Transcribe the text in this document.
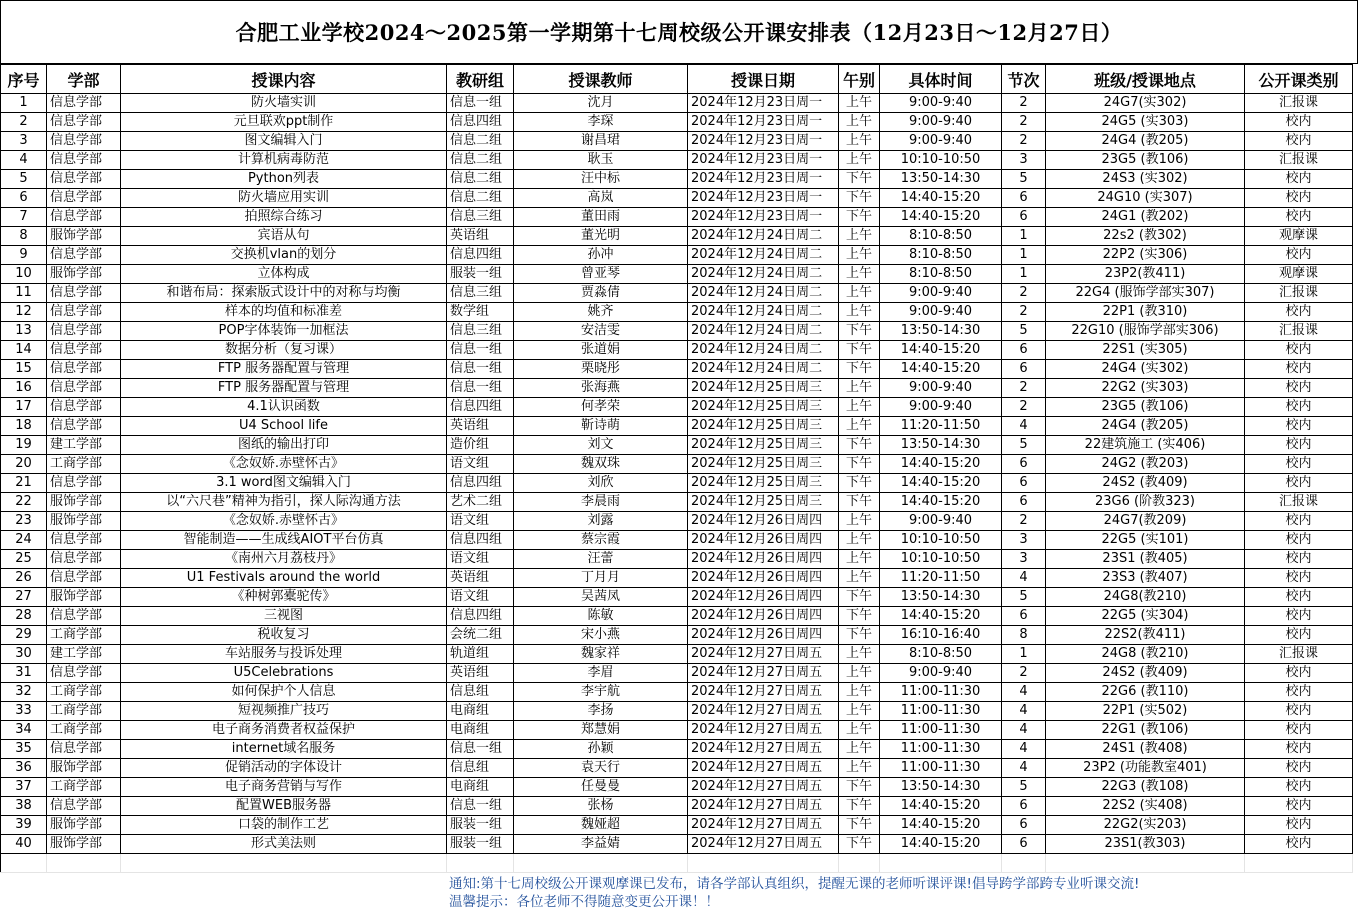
合肥工业学校2024～2025第一学期第十七周校级公开课安排表（12月23日～12月27日）
序号	学部	授课内容	教研组	授课教师	授课日期	午别	具体时间	节次	班级/授课地点	公开课类别
1	信息学部	防火墙实训	信息一组	沈月	2024年12月23日周一	上午	9:00-9:40	2	24G7(实302)	汇报课
2	信息学部	元旦联欢ppt制作	信息四组	李琛	2024年12月23日周一	上午	9:00-9:40	2	24G5 (实303)	校内
3	信息学部	图文编辑入门	信息二组	谢昌珺	2024年12月23日周一	上午	9:00-9:40	2	24G4 (教205)	校内
4	信息学部	计算机病毒防范	信息二组	耿玉	2024年12月23日周一	上午	10:10-10:50	3	23G5 (教106)	汇报课
5	信息学部	Python列表	信息二组	汪中标	2024年12月23日周一	下午	13:50-14:30	5	24S3 (实302)	校内
6	信息学部	防火墙应用实训	信息二组	高岚	2024年12月23日周一	下午	14:40-15:20	6	24G10 (实307)	校内
7	信息学部	拍照综合练习	信息三组	董田雨	2024年12月23日周一	下午	14:40-15:20	6	24G1 (教202)	校内
8	服饰学部	宾语从句	英语组	董光明	2024年12月24日周二	上午	8:10-8:50	1	22s2 (教302)	观摩课
9	信息学部	交换机vlan的划分	信息四组	孙冲	2024年12月24日周二	上午	8:10-8:50	1	22P2 (实306)	校内
10	服饰学部	立体构成	服装一组	曾亚琴	2024年12月24日周二	上午	8:10-8:50	1	23P2(教411)	观摩课
11	信息学部	和谐布局：探索版式设计中的对称与均衡	信息三组	贾淼倩	2024年12月24日周二	上午	9:00-9:40	2	22G4 (服饰学部实307)	汇报课
12	信息学部	样本的均值和标准差	数学组	姚齐	2024年12月24日周二	上午	9:00-9:40	2	22P1 (教310)	校内
13	信息学部	POP字体装饰一加框法	信息三组	安洁雯	2024年12月24日周二	下午	13:50-14:30	5	22G10 (服饰学部实306)	汇报课
14	信息学部	数据分析（复习课）	信息一组	张道娟	2024年12月24日周二	下午	14:40-15:20	6	22S1 (实305)	校内
15	信息学部	FTP 服务器配置与管理	信息一组	栗晓彤	2024年12月24日周二	下午	14:40-15:20	6	24G4 (实302)	校内
16	信息学部	FTP 服务器配置与管理	信息一组	张海燕	2024年12月25日周三	上午	9:00-9:40	2	22G2 (实303)	校内
17	信息学部	4.1认识函数	信息四组	何孝荣	2024年12月25日周三	上午	9:00-9:40	2	23G5 (教106)	校内
18	信息学部	U4 School life	英语组	靳诗萌	2024年12月25日周三	上午	11:20-11:50	4	24G4 (教205)	校内
19	建工学部	图纸的输出打印	造价组	刘文	2024年12月25日周三	下午	13:50-14:30	5	22建筑施工 (实406)	校内
20	工商学部	《念奴娇.赤壁怀古》	语文组	魏双珠	2024年12月25日周三	下午	14:40-15:20	6	24G2 (教203)	校内
21	信息学部	3.1 word图文编辑入门	信息四组	刘欣	2024年12月25日周三	下午	14:40-15:20	6	24S2 (教409)	校内
22	服饰学部	以“六尺巷”精神为指引，探人际沟通方法	艺术二组	李晨雨	2024年12月25日周三	下午	14:40-15:20	6	23G6 (阶教323)	汇报课
23	服饰学部	《念奴娇.赤壁怀古》	语文组	刘露	2024年12月26日周四	上午	9:00-9:40	2	24G7(教209)	校内
24	信息学部	智能制造——生成线AIOT平台仿真	信息四组	蔡宗霞	2024年12月26日周四	上午	10:10-10:50	3	22G5 (实101)	校内
25	信息学部	《南州六月荔枝丹》	语文组	汪蕾	2024年12月26日周四	上午	10:10-10:50	3	23S1 (教405)	校内
26	信息学部	U1 Festivals around the world	英语组	丁月月	2024年12月26日周四	上午	11:20-11:50	4	23S3 (教407)	校内
27	服饰学部	《种树郭橐驼传》	语文组	吴茜凤	2024年12月26日周四	下午	13:50-14:30	5	24G8(教210)	校内
28	信息学部	三视图	信息四组	陈敏	2024年12月26日周四	下午	14:40-15:20	6	22G5 (实304)	校内
29	工商学部	税收复习	会统二组	宋小燕	2024年12月26日周四	下午	16:10-16:40	8	22S2(教411)	校内
30	建工学部	车站服务与投诉处理	轨道组	魏家祥	2024年12月27日周五	上午	8:10-8:50	1	24G8 (教210)	汇报课
31	信息学部	U5Celebrations	英语组	李眉	2024年12月27日周五	上午	9:00-9:40	2	24S2 (教409)	校内
32	工商学部	如何保护个人信息	信息组	李宇航	2024年12月27日周五	上午	11:00-11:30	4	22G6 (教110)	校内
33	工商学部	短视频推广技巧	电商组	李扬	2024年12月27日周五	上午	11:00-11:30	4	22P1 (实502)	校内
34	工商学部	电子商务消费者权益保护	电商组	郑慧娟	2024年12月27日周五	上午	11:00-11:30	4	22G1 (教106)	校内
35	信息学部	internet域名服务	信息一组	孙颖	2024年12月27日周五	上午	11:00-11:30	4	24S1 (教408)	校内
36	服饰学部	促销活动的字体设计	信息组	袁天行	2024年12月27日周五	上午	11:00-11:30	4	23P2 (功能教室401)	校内
37	工商学部	电子商务营销与写作	电商组	任曼曼	2024年12月27日周五	下午	13:50-14:30	5	22G3 (教108)	校内
38	信息学部	配置WEB服务器	信息一组	张杨	2024年12月27日周五	下午	14:40-15:20	6	22S2 (实408)	校内
39	服饰学部	口袋的制作工艺	服装一组	魏娅超	2024年12月27日周五	下午	14:40-15:20	6	22G2(实203)	校内
40	服饰学部	形式美法则	服装一组	李益婧	2024年12月27日周五	下午	14:40-15:20	6	23S1(教303)	校内

通知:第十七周校级公开课观摩课已发布，请各学部认真组织，提醒无课的老师听课评课!倡导跨学部跨专业听课交流!
温馨提示：各位老师不得随意变更公开课！！
